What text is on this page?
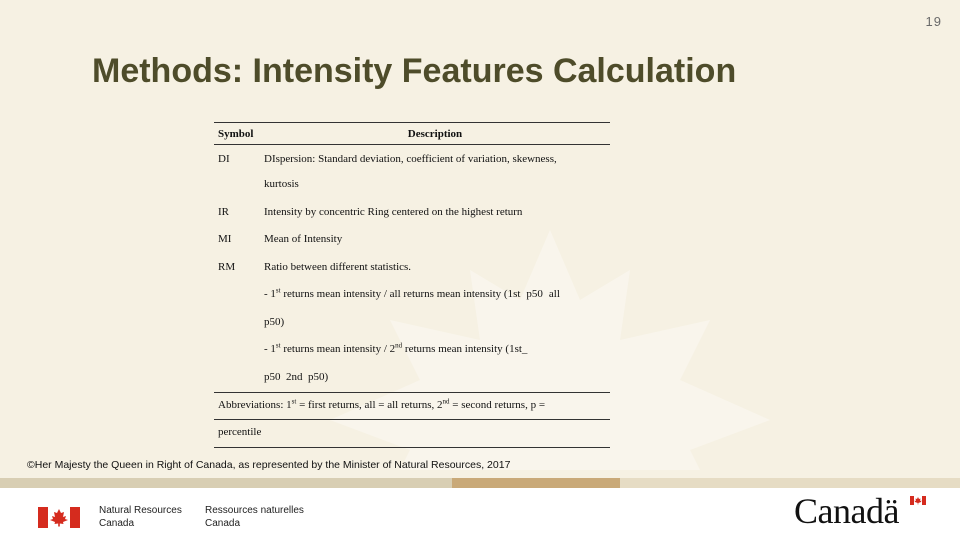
19
Methods: Intensity Features Calculation
Symbol	Description
DI	DIspersion: Standard deviation, coefficient of variation, skewness,
	kurtosis
IR	Intensity by concentric Ring centered on the highest return
MI	Mean of Intensity
RM	Ratio between different statistics.
	- 1st returns mean intensity / all returns mean intensity (1st p50 all
	p50)
	- 1st returns mean intensity / 2nd returns mean intensity (1st_
	p50  2nd  p50)
Abbreviations: 1st = first returns, all = all returns, 2nd = second returns, p =	
percentile	
©Her Majesty the Queen in Right of Canada, as represented by the Minister of Natural Resources, 2017
Natural Resources
Canada
Ressources naturelles
Canada	Canadä
